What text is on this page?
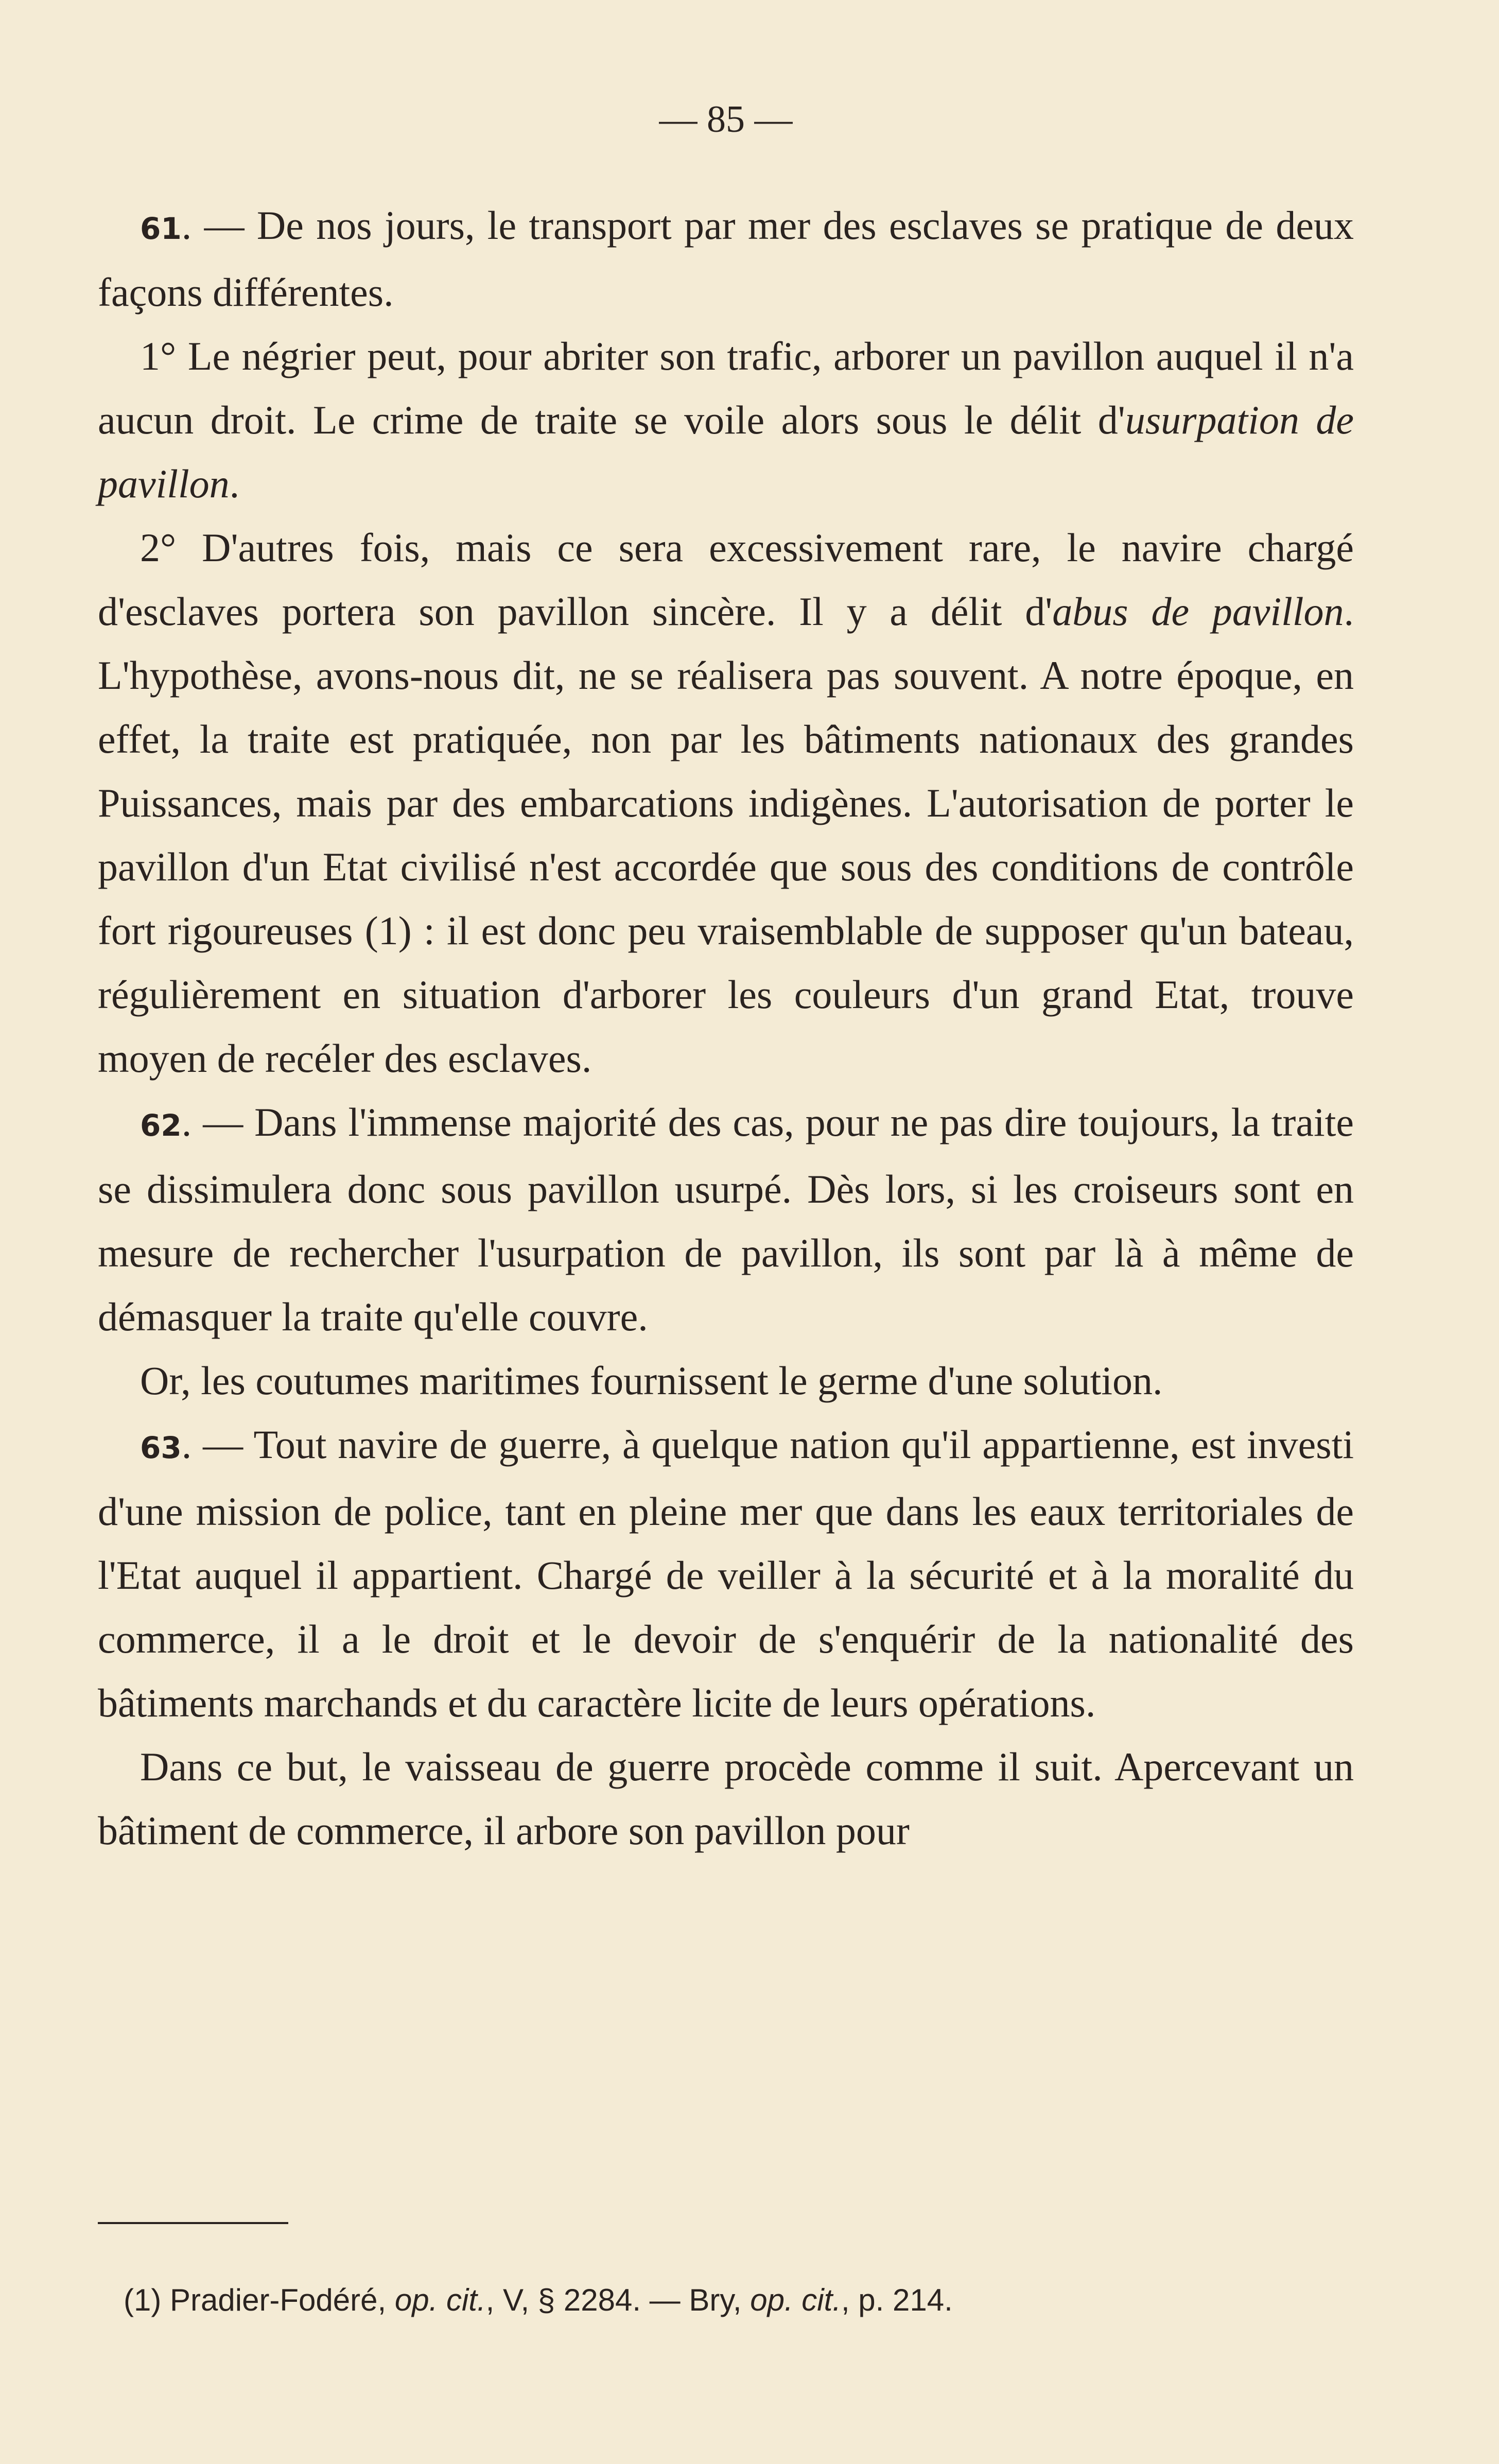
— 85 —

61. — De nos jours, le transport par mer des esclaves se pratique de deux façons différentes.

1° Le négrier peut, pour abriter son trafic, arborer un pavillon auquel il n'a aucun droit. Le crime de traite se voile alors sous le délit d'usurpation de pavillon.

2° D'autres fois, mais ce sera excessivement rare, le navire chargé d'esclaves portera son pavillon sincère. Il y a délit d'abus de pavillon. L'hypothèse, avons-nous dit, ne se réalisera pas souvent. A notre époque, en effet, la traite est pratiquée, non par les bâtiments nationaux des grandes Puissances, mais par des embarcations indigènes. L'autorisation de porter le pavillon d'un Etat civilisé n'est accordée que sous des conditions de contrôle fort rigoureuses (1) : il est donc peu vraisemblable de supposer qu'un bateau, régulièrement en situation d'arborer les couleurs d'un grand Etat, trouve moyen de recéler des esclaves.

62. — Dans l'immense majorité des cas, pour ne pas dire toujours, la traite se dissimulera donc sous pavillon usurpé. Dès lors, si les croiseurs sont en mesure de rechercher l'usurpation de pavillon, ils sont par là à même de démasquer la traite qu'elle couvre.

Or, les coutumes maritimes fournissent le germe d'une solution.

63. — Tout navire de guerre, à quelque nation qu'il appartienne, est investi d'une mission de police, tant en pleine mer que dans les eaux territoriales de l'Etat auquel il appartient. Chargé de veiller à la sécurité et à la moralité du commerce, il a le droit et le devoir de s'enquérir de la nationalité des bâtiments marchands et du caractère licite de leurs opérations.

Dans ce but, le vaisseau de guerre procède comme il suit. Apercevant un bâtiment de commerce, il arbore son pavillon pour

(1) Pradier-Fodéré, op. cit., V, § 2284. — Bry, op. cit., p. 214.
